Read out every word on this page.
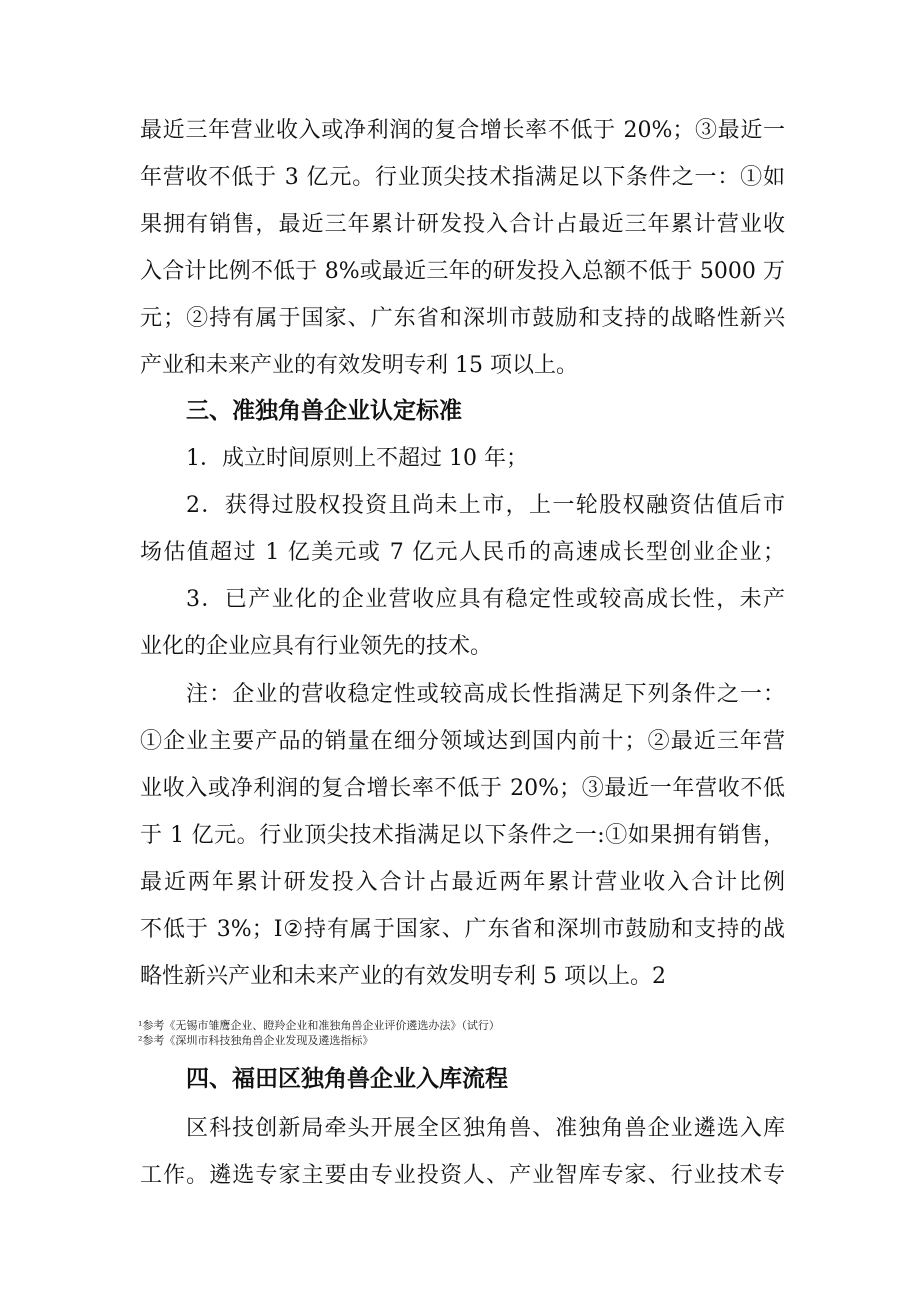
最近三年营业收入或净利润的复合增长率不低于 20%；③最近一
年营收不低于 3 亿元。行业顶尖技术指满足以下条件之一：①如
果拥有销售，最近三年累计研发投入合计占最近三年累计营业收
入合计比例不低于 8%或最近三年的研发投入总额不低于 5000 万
元；②持有属于国家、广东省和深圳市鼓励和支持的战略性新兴
产业和未来产业的有效发明专利 15 项以上。
三、准独角兽企业认定标准
1．成立时间原则上不超过 10 年；
2．获得过股权投资且尚未上市，上一轮股权融资估值后市
场估值超过 1 亿美元或 7 亿元人民币的高速成长型创业企业；
3．已产业化的企业营收应具有稳定性或较高成长性，未产
业化的企业应具有行业领先的技术。
注：企业的营收稳定性或较高成长性指满足下列条件之一：
①企业主要产品的销量在细分领域达到国内前十；②最近三年营
业收入或净利润的复合增长率不低于 20%；③最近一年营收不低
于 1 亿元。行业顶尖技术指满足以下条件之一:①如果拥有销售，
最近两年累计研发投入合计占最近两年累计营业收入合计比例
不低于 3%；I②持有属于国家、广东省和深圳市鼓励和支持的战
略性新兴产业和未来产业的有效发明专利 5 项以上。2
¹参考《无锡市雏鹰企业、瞪羚企业和准独角兽企业评价遴选办法》（试行）
²参考《深圳市科技独角兽企业发现及遴选指标》
四、福田区独角兽企业入库流程
区科技创新局牵头开展全区独角兽、准独角兽企业遴选入库
工作。遴选专家主要由专业投资人、产业智库专家、行业技术专
